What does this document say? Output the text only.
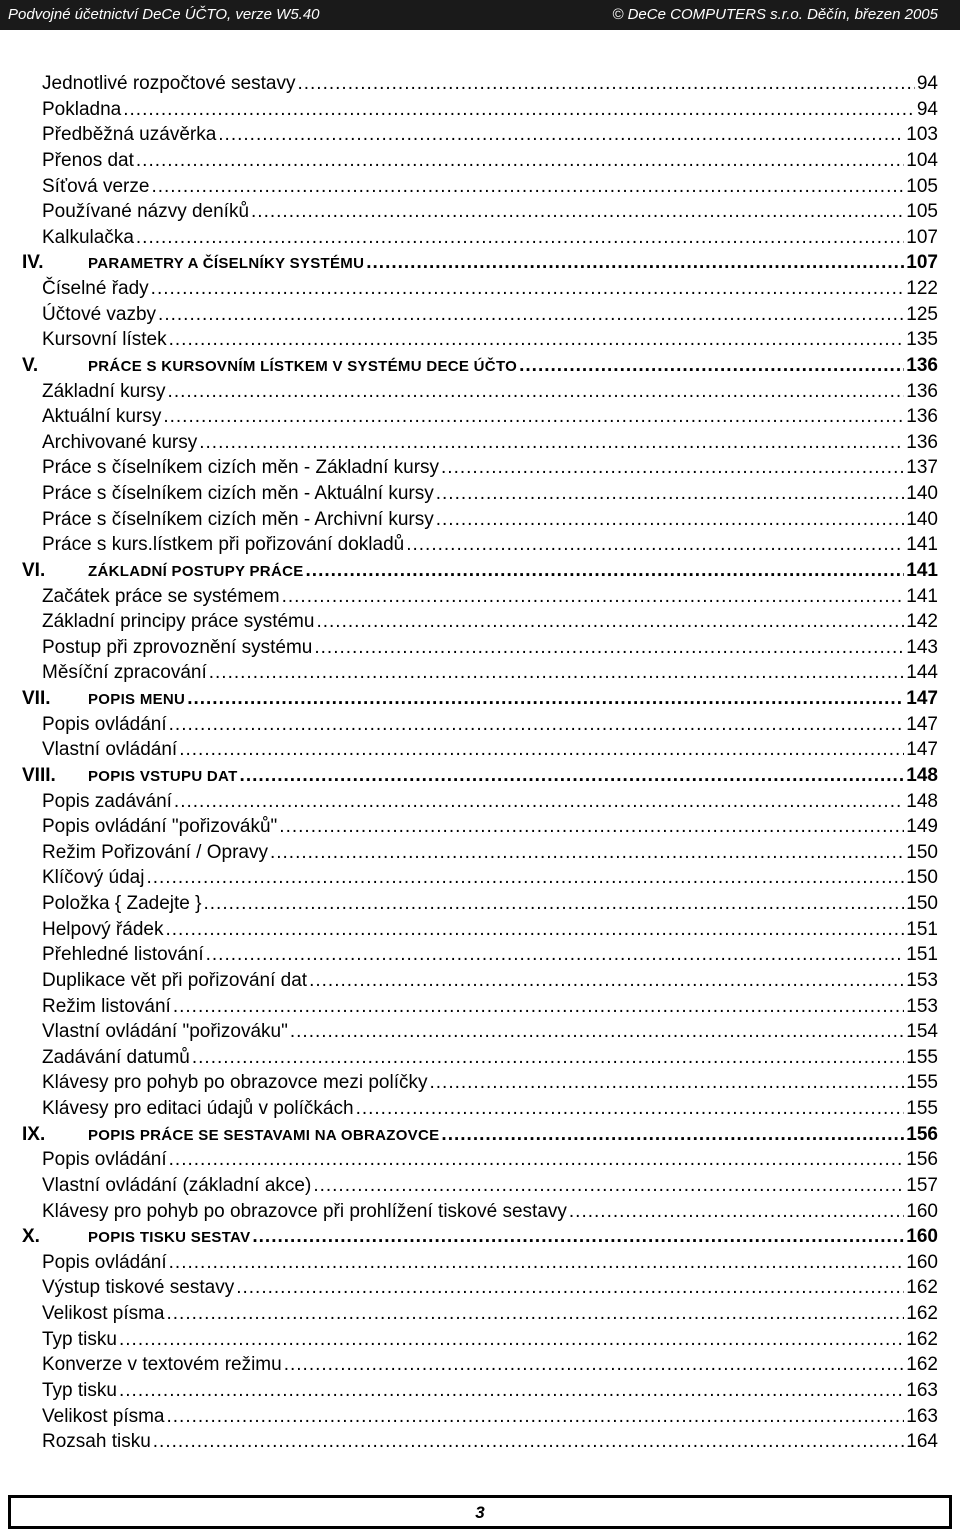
Podvojné účetnictví DeCe ÚČTO, verze W5.40	© DeCe COMPUTERS s.r.o. Děčín, březen 2005
Jednotlivé rozpočtové sestavy .....	94
Pokladna .....	94
Předběžná uzávěrka .....	103
Přenos dat .....	104
Síťová verze .....	105
Používané názvy deníků .....	105
Kalkulačka .....	107
IV.	PARAMETRY A ČÍSELNÍKY SYSTÉMU .....	107
Číselné řady .....	122
Účtové vazby .....	125
Kursovní lístek .....	135
V.	PRÁCE S KURSOVNÍM LÍSTKEM V SYSTÉMU DECE ÚČTO .....	136
Základní kursy .....	136
Aktuální kursy .....	136
Archivované kursy .....	136
Práce s číselníkem cizích měn - Základní kursy .....	137
Práce s číselníkem cizích měn - Aktuální kursy .....	140
Práce s číselníkem cizích měn - Archivní kursy .....	140
Práce s kurs.lístkem při pořizování dokladů .....	141
VI.	ZÁKLADNÍ POSTUPY PRÁCE .....	141
Začátek práce se systémem .....	141
Základní principy práce systému .....	142
Postup při zprovoznění systému .....	143
Měsíční zpracování .....	144
VII. POPIS MENU .....	147
Popis ovládání .....	147
Vlastní ovládání .....	147
VIII. POPIS VSTUPU DAT .....	148
Popis zadávání .....	148
Popis ovládání "pořizováků" .....	149
Režim Pořizování / Opravy .....	150
Klíčový údaj .....	150
Položka { Zadejte } .....	150
Helpový řádek .....	151
Přehledné listování .....	151
Duplikace vět při pořizování dat .....	153
Režim listování .....	153
Vlastní ovládání "pořizováku" .....	154
Zadávání datumů .....	155
Klávesy pro pohyb po obrazovce mezi políčky .....	155
Klávesy pro editaci údajů v políčkách .....	155
IX.	POPIS PRÁCE SE SESTAVAMI NA OBRAZOVCE .....	156
Popis ovládání .....	156
Vlastní ovládání (základní akce) .....	157
Klávesy pro pohyb po obrazovce při prohlížení tiskové sestavy .....	160
X.	POPIS TISKU SESTAV .....	160
Popis ovládání .....	160
Výstup tiskové sestavy .....	162
Velikost písma .....	162
Typ tisku .....	162
Konverze v textovém režimu .....	162
Typ tisku .....	163
Velikost písma .....	163
Rozsah tisku .....	164
3
